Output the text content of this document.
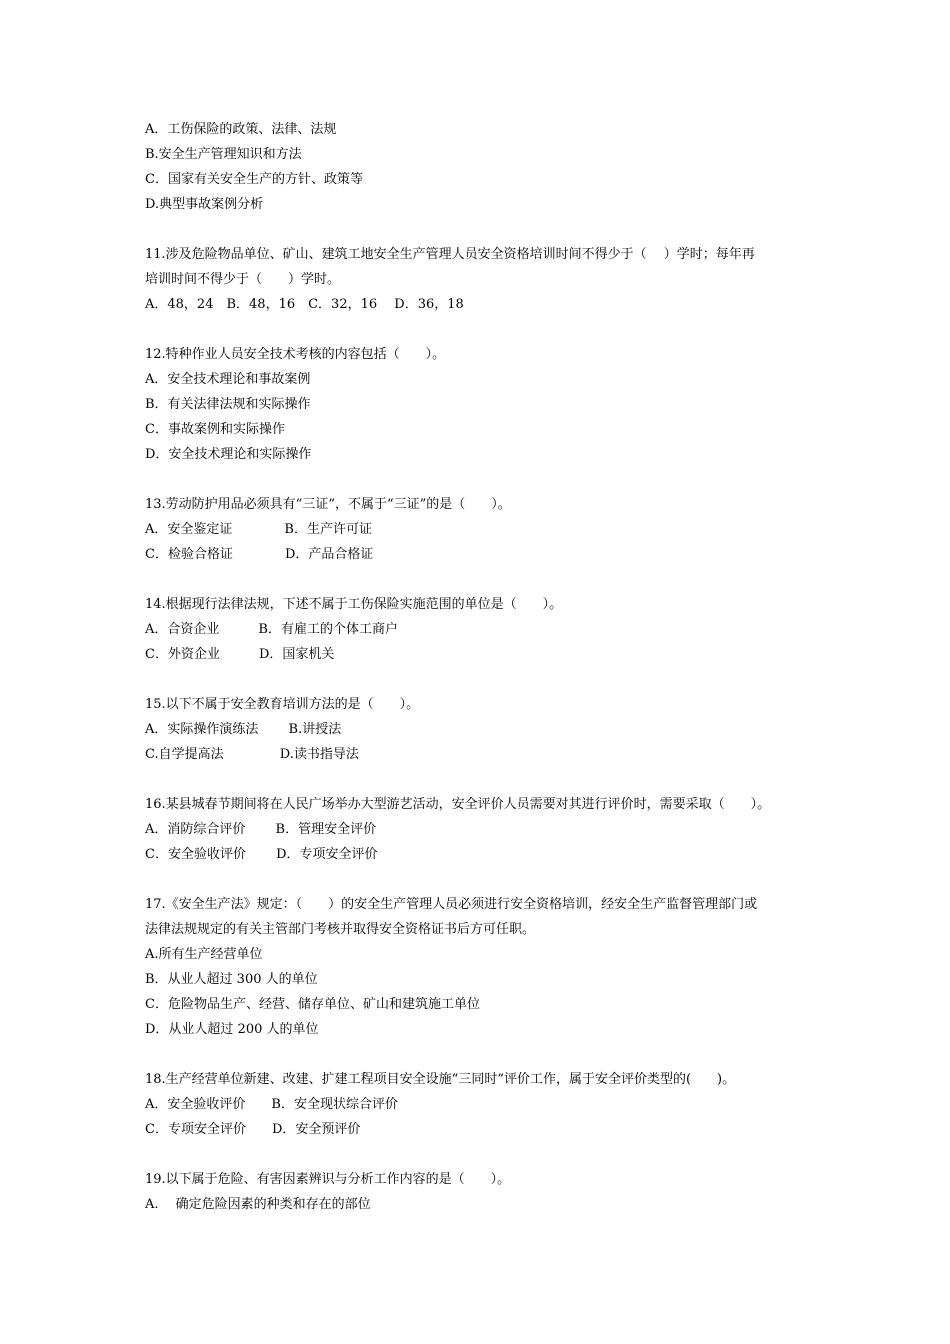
A．工伤保险的政策、法律、法规
B.安全生产管理知识和方法
C．国家有关安全生产的方针、政策等
D.典型事故案例分析
11.涉及危险物品单位、矿山、建筑工地安全生产管理人员安全资格培训时间不得少于（　 ）学时；每年再
培训时间不得少于（　　）学时。
A．48，24　B．48，16　C．32，16　 D．36，18
12.特种作业人员安全技术考核的内容包括（　　）。
A．安全技术理论和事故案例
B．有关法律法规和实际操作
C．事故案例和实际操作
D．安全技术理论和实际操作
13.劳动防护用品必须具有“三证”，不属于“三证”的是（　　）。
A．安全鉴定证　　　　B．生产许可证
C．检验合格证　　　　D．产品合格证
14.根据现行法律法规，下述不属于工伤保险实施范围的单位是（　　）。
A．合资企业　　　B．有雇工的个体工商户
C．外资企业　　　D．国家机关
15.以下不属于安全教育培训方法的是（　　）。
A．实际操作演练法　　 B.讲授法
C.自学提高法　　　　 D.读书指导法
16.某县城春节期间将在人民广场举办大型游艺活动，安全评价人员需要对其进行评价时，需要采取（　　）。
A．消防综合评价　　 B．管理安全评价
C．安全验收评价　　 D．专项安全评价
17.《安全生产法》规定：（　　）的安全生产管理人员必须进行安全资格培训，经安全生产监督管理部门或
法律法规规定的有关主管部门考核并取得安全资格证书后方可任职。
A.所有生产经营单位
B．从业人超过 300 人的单位
C．危险物品生产、经营、储存单位、矿山和建筑施工单位
D．从业人超过 200 人的单位
18.生产经营单位新建、改建、扩建工程项目安全设施“三同时”评价工作，属于安全评价类型的(　　)。
A．安全验收评价　　B．安全现状综合评价
C．专项安全评价　　D．安全预评价
19.以下属于危险、有害因素辨识与分析工作内容的是（　　）。
A.　 确定危险因素的种类和存在的部位
